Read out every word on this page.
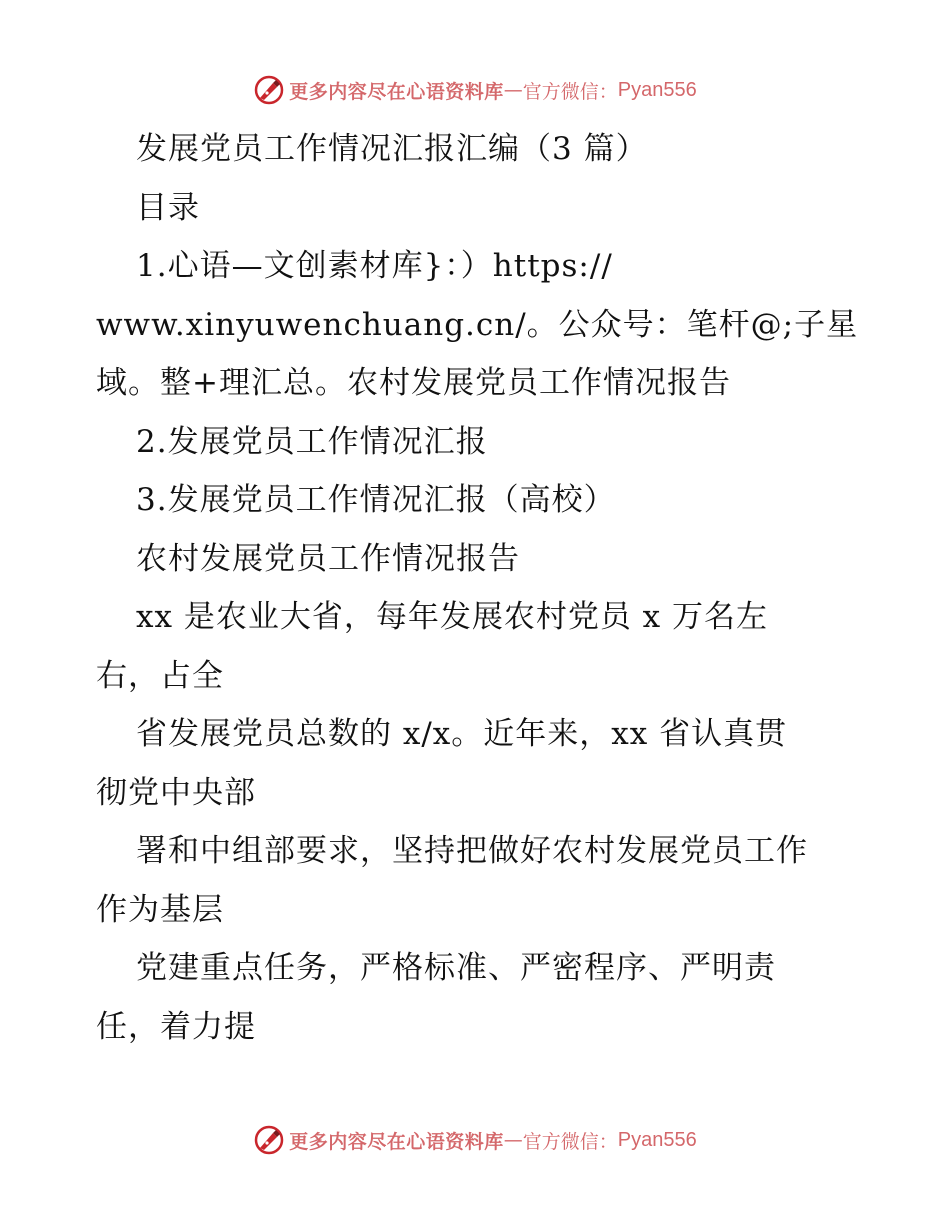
更多内容尽在心语资料库 — 官方微信： Pyan556
发展党员工作情况汇报汇编（3 篇）
目录
1.心语—文创素材库}：）https://
www.xinyuwenchuang.cn/。公众号：笔杆@;子星
域。整+理汇总。农村发展党员工作情况报告
2.发展党员工作情况汇报
3.发展党员工作情况汇报（高校）
农村发展党员工作情况报告
xx 是农业大省，每年发展农村党员 x 万名左
右，占全
省发展党员总数的 x/x。近年来，xx 省认真贯
彻党中央部
署和中组部要求，坚持把做好农村发展党员工作
作为基层
党建重点任务，严格标准、严密程序、严明责
任，着力提
更多内容尽在心语资料库 — 官方微信： Pyan556
